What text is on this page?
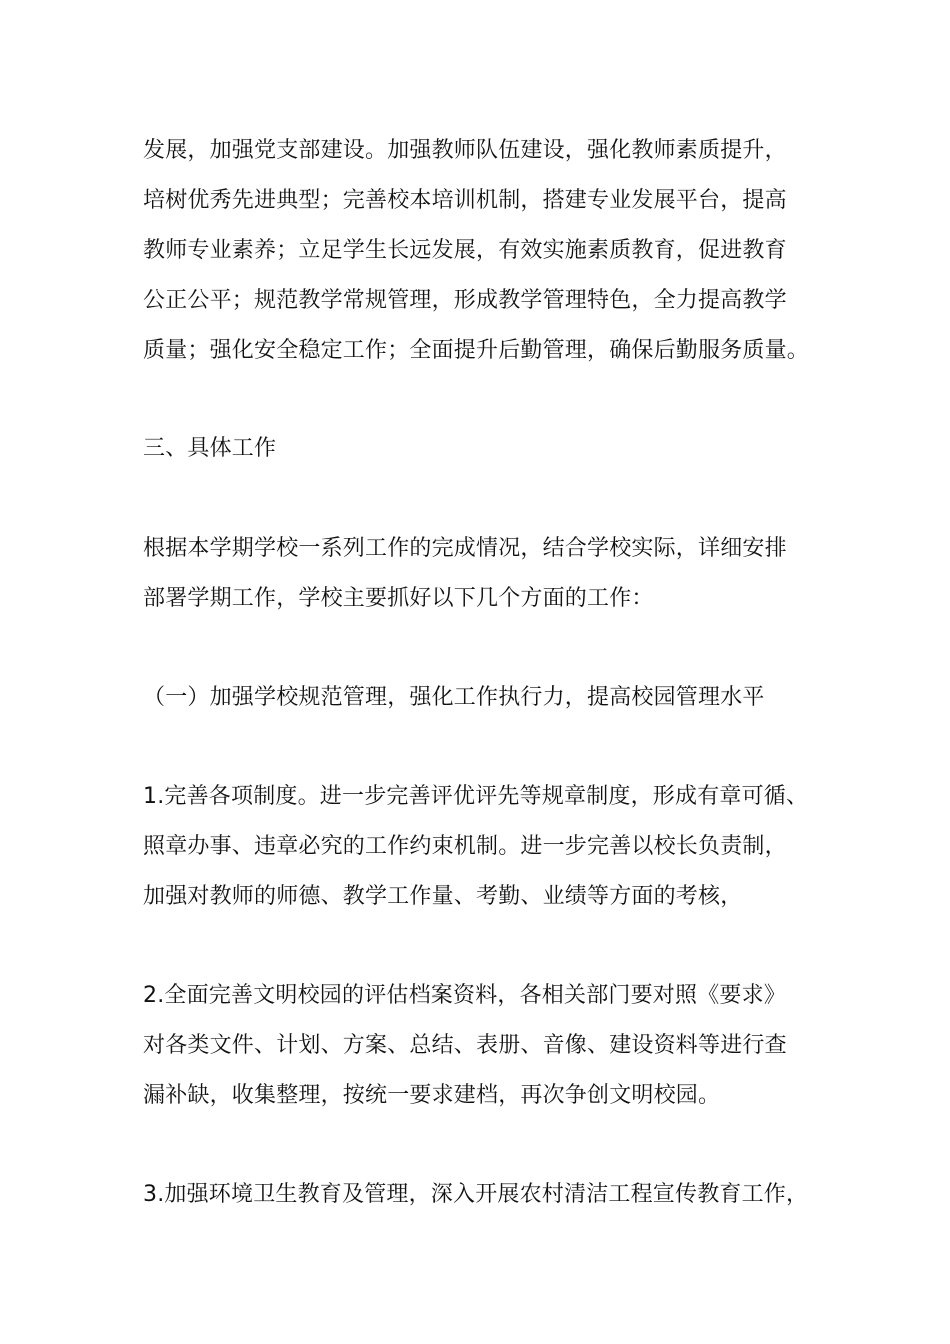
发展，加强党支部建设。加强教师队伍建设，强化教师素质提升，
培树优秀先进典型；完善校本培训机制，搭建专业发展平台，提高
教师专业素养；立足学生长远发展，有效实施素质教育，促进教育
公正公平；规范教学常规管理，形成教学管理特色，全力提高教学
质量；强化安全稳定工作；全面提升后勤管理，确保后勤服务质量。
三、具体工作
根据本学期学校一系列工作的完成情况，结合学校实际，详细安排
部署学期工作，学校主要抓好以下几个方面的工作：
（一）加强学校规范管理，强化工作执行力，提高校园管理水平
1.完善各项制度。进一步完善评优评先等规章制度，形成有章可循、
照章办事、违章必究的工作约束机制。进一步完善以校长负责制，
加强对教师的师德、教学工作量、考勤、业绩等方面的考核，
2.全面完善文明校园的评估档案资料，各相关部门要对照《要求》
对各类文件、计划、方案、总结、表册、音像、建设资料等进行查
漏补缺，收集整理，按统一要求建档，再次争创文明校园。
3.加强环境卫生教育及管理，深入开展农村清洁工程宣传教育工作，
